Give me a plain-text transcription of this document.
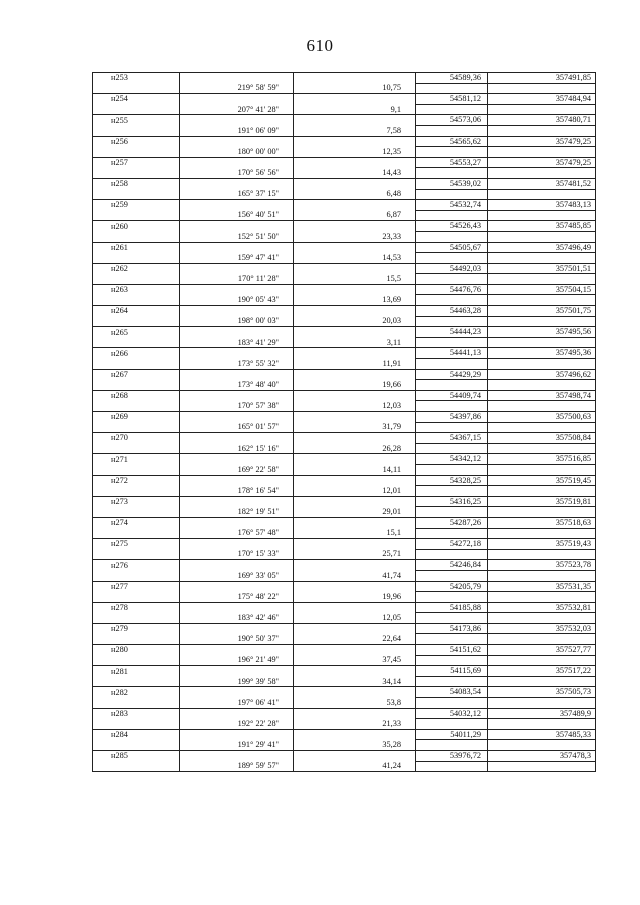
610
н253			54589,36	357491,85
	219° 58' 59"	10,75		
н254			54581,12	357484,94
	207° 41' 28"	9,1		
н255			54573,06	357480,71
	191° 06' 09"	7,58		
н256			54565,62	357479,25
	180° 00' 00"	12,35		
н257			54553,27	357479,25
	170° 56' 56"	14,43		
н258			54539,02	357481,52
	165° 37' 15"	6,48		
н259			54532,74	357483,13
	156° 40' 51"	6,87		
н260			54526,43	357485,85
	152° 51' 50"	23,33		
н261			54505,67	357496,49
	159° 47' 41"	14,53		
н262			54492,03	357501,51
	170° 11' 28"	15,5		
н263			54476,76	357504,15
	190° 05' 43"	13,69		
н264			54463,28	357501,75
	198° 00' 03"	20,03		
н265			54444,23	357495,56
	183° 41' 29"	3,11		
н266			54441,13	357495,36
	173° 55' 32"	11,91		
н267			54429,29	357496,62
	173° 48' 40"	19,66		
н268			54409,74	357498,74
	170° 57' 38"	12,03		
н269			54397,86	357500,63
	165° 01' 57"	31,79		
н270			54367,15	357508,84
	162° 15' 16"	26,28		
н271			54342,12	357516,85
	169° 22' 58"	14,11		
н272			54328,25	357519,45
	178° 16' 54"	12,01		
н273			54316,25	357519,81
	182° 19' 51"	29,01		
н274			54287,26	357518,63
	176° 57' 48"	15,1		
н275			54272,18	357519,43
	170° 15' 33"	25,71		
н276			54246,84	357523,78
	169° 33' 05"	41,74		
н277			54205,79	357531,35
	175° 48' 22"	19,96		
н278			54185,88	357532,81
	183° 42' 46"	12,05		
н279			54173,86	357532,03
	190° 50' 37"	22,64		
н280			54151,62	357527,77
	196° 21' 49"	37,45		
н281			54115,69	357517,22
	199° 39' 58"	34,14		
н282			54083,54	357505,73
	197° 06' 41"	53,8		
н283			54032,12	357489,9
	192° 22' 28"	21,33		
н284			54011,29	357485,33
	191° 29' 41"	35,28		
н285			53976,72	357478,3
	189° 59' 57"	41,24		
